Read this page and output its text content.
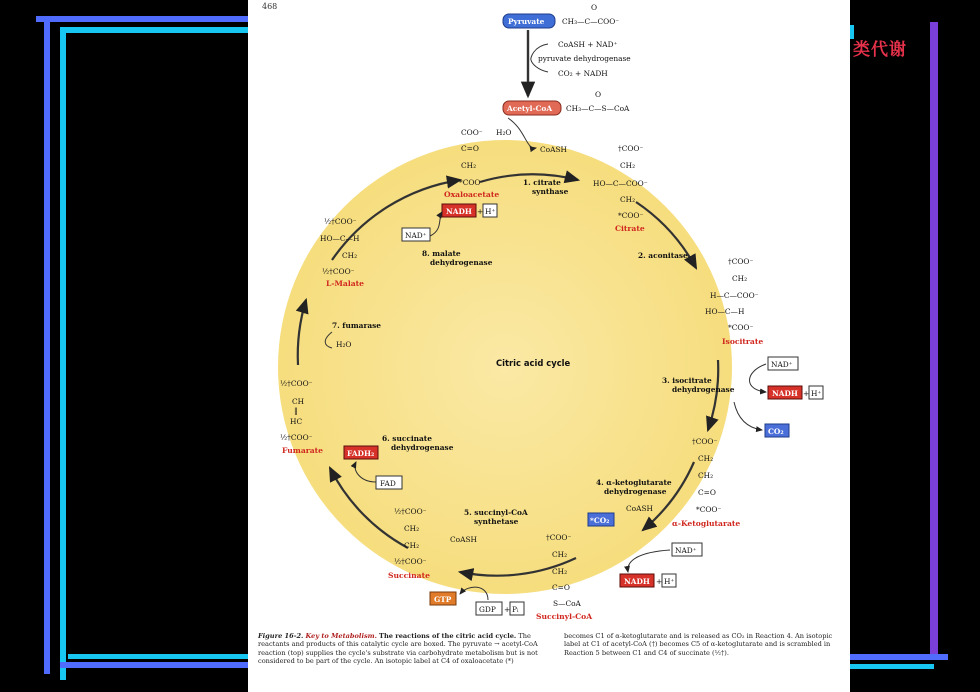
类代谢
468
Pyruvate CH₃—C—COO⁻
O
CoASH + NAD⁺
pyruvate dehydrogenase
CO₂ + NADH
Acetyl-CoA CH₃—C—S—CoA
O
CoASH
H₂O
COO⁻
C=O
CH₂
*COO⁻
Oxaloacetate
1. citrate
synthase
†COO⁻
CH₂
HO—C—COO⁻
CH₂
*COO⁻
Citrate
NADH + H⁺
NAD⁺
½†COO⁻
HO—C—H
CH₂
½†COO⁻
L-Malate
8. malate
dehydrogenase
2. aconitase
†COO⁻
CH₂
H—C—COO⁻
HO—C—H
*COO⁻
Isocitrate
7. fumarase
H₂O
Citric acid cycle	NAD⁺
3. isocitrate
dehydrogenase	NADH + H⁺
CO₂
½†COO⁻
CH
‖
HC
½†COO⁻
Fumarate
6. succinate
dehydrogenase
FADH₂
FAD
†COO⁻
CH₂
CH₂
C=O
*COO⁻
α-Ketoglutarate
4. α-ketoglutarate
dehydrogenase
CoASH
*CO₂
NAD⁺
NADH + H⁺
†COO⁻
CH₂
CH₂
C=O
S—CoA
Succinyl-CoA
5. succinyl-CoA
synthetase
CoASH
GTP
GDP + Pᵢ
½†COO⁻
CH₂
CH₂
½†COO⁻
Succinate
Figure 16-2. Key to Metabolism. The reactions of the citric acid cycle. The reactants and products of this catalytic cycle are boxed. The pyruvate → acetyl-CoA reaction (top) supplies the cycle's substrate via carbohydrate metabolism but is not considered to be part of the cycle. An isotopic label at C4 of oxaloacetate (*)
becomes C1 of α-ketoglutarate and is released as CO₂ in Reaction 4. An isotopic label at C1 of acetyl-CoA (†) becomes C5 of α-ketoglutarate and is scrambled in Reaction 5 between C1 and C4 of succinate (½†).
